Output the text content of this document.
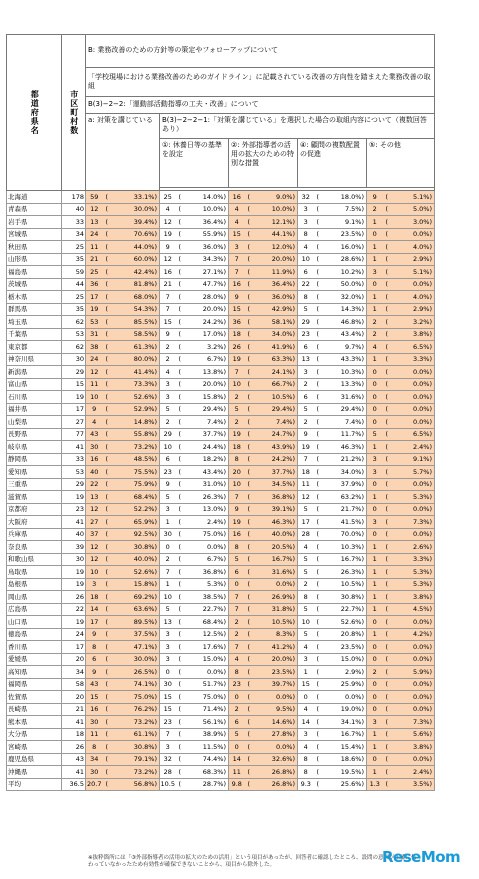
都道府県名	市区町村数	B: 業務改善のための方針等の策定やフォローアップについて									
		「学校現場における業務改善のためのガイドライン」に記載されている改善の方向性を踏まえた業務改善の取組									
		B(3)−2−2:「運動部活動指導の工夫・改善」について									
		a: 対策を講じている		B(3)−2−2−1:「対策を講じている」を選択した場合の取組内容について（複数回答あり）							
				①: 休養日等の基準を設定		②: 外部指導者の活用の拡大のための特別な措置		④: 顧問の複数配置の促進		⑤: その他	

北海道	178	59	( 33.1% )	25	( 14.0% )	16	( 9.0% )	32	( 18.0% )	9	( 5.1% )
青森県	40	12	( 30.0% )	4	( 10.0% )	4	( 10.0% )	3	( 7.5% )	2	( 5.0% )
岩手県	33	13	( 39.4% )	12	( 36.4% )	4	( 12.1% )	3	( 9.1% )	1	( 3.0% )
宮城県	34	24	( 70.6% )	19	( 55.9% )	15	( 44.1% )	8	( 23.5% )	0	( 0.0% )
秋田県	25	11	( 44.0% )	9	( 36.0% )	3	( 12.0% )	4	( 16.0% )	1	( 4.0% )
山形県	35	21	( 60.0% )	12	( 34.3% )	7	( 20.0% )	10	( 28.6% )	1	( 2.9% )
福島県	59	25	( 42.4% )	16	( 27.1% )	7	( 11.9% )	6	( 10.2% )	3	( 5.1% )
茨城県	44	36	( 81.8% )	21	( 47.7% )	16	( 36.4% )	22	( 50.0% )	0	( 0.0% )
栃木県	25	17	( 68.0% )	7	( 28.0% )	9	( 36.0% )	8	( 32.0% )	1	( 4.0% )
群馬県	35	19	( 54.3% )	7	( 20.0% )	15	( 42.9% )	5	( 14.3% )	1	( 2.9% )
埼玉県	62	53	( 85.5% )	15	( 24.2% )	36	( 58.1% )	29	( 46.8% )	2	( 3.2% )
千葉県	53	31	( 58.5% )	9	( 17.0% )	18	( 34.0% )	23	( 43.4% )	2	( 3.8% )
東京都	62	38	( 61.3% )	2	( 3.2% )	26	( 41.9% )	6	( 9.7% )	4	( 6.5% )
神奈川県	30	24	( 80.0% )	2	( 6.7% )	19	( 63.3% )	13	( 43.3% )	1	( 3.3% )
新潟県	29	12	( 41.4% )	4	( 13.8% )	7	( 24.1% )	3	( 10.3% )	0	( 0.0% )
富山県	15	11	( 73.3% )	3	( 20.0% )	10	( 66.7% )	2	( 13.3% )	0	( 0.0% )
石川県	19	10	( 52.6% )	3	( 15.8% )	2	( 10.5% )	6	( 31.6% )	0	( 0.0% )
福井県	17	9	( 52.9% )	5	( 29.4% )	5	( 29.4% )	5	( 29.4% )	0	( 0.0% )
山梨県	27	4	( 14.8% )	2	( 7.4% )	2	( 7.4% )	2	( 7.4% )	0	( 0.0% )
長野県	77	43	( 55.8% )	29	( 37.7% )	19	( 24.7% )	9	( 11.7% )	5	( 6.5% )
岐阜県	41	30	( 73.2% )	10	( 24.4% )	18	( 43.9% )	19	( 46.3% )	1	( 2.4% )
静岡県	33	16	( 48.5% )	6	( 18.2% )	8	( 24.2% )	7	( 21.2% )	3	( 9.1% )
愛知県	53	40	( 75.5% )	23	( 43.4% )	20	( 37.7% )	18	( 34.0% )	3	( 5.7% )
三重県	29	22	( 75.9% )	9	( 31.0% )	10	( 34.5% )	11	( 37.9% )	0	( 0.0% )
滋賀県	19	13	( 68.4% )	5	( 26.3% )	7	( 36.8% )	12	( 63.2% )	1	( 5.3% )
京都府	23	12	( 52.2% )	3	( 13.0% )	9	( 39.1% )	5	( 21.7% )	0	( 0.0% )
大阪府	41	27	( 65.9% )	1	( 2.4% )	19	( 46.3% )	17	( 41.5% )	3	( 7.3% )
兵庫県	40	37	( 92.5% )	30	( 75.0% )	16	( 40.0% )	28	( 70.0% )	0	( 0.0% )
奈良県	39	12	( 30.8% )	0	( 0.0% )	8	( 20.5% )	4	( 10.3% )	1	( 2.6% )
和歌山県	30	12	( 40.0% )	2	( 6.7% )	5	( 16.7% )	5	( 16.7% )	1	( 3.3% )
鳥取県	19	10	( 52.6% )	7	( 36.8% )	6	( 31.6% )	5	( 26.3% )	1	( 5.3% )
島根県	19	3	( 15.8% )	1	( 5.3% )	0	( 0.0% )	2	( 10.5% )	1	( 5.3% )
岡山県	26	18	( 69.2% )	10	( 38.5% )	7	( 26.9% )	8	( 30.8% )	1	( 3.8% )
広島県	22	14	( 63.6% )	5	( 22.7% )	7	( 31.8% )	5	( 22.7% )	1	( 4.5% )
山口県	19	17	( 89.5% )	13	( 68.4% )	2	( 10.5% )	10	( 52.6% )	0	( 0.0% )
徳島県	24	9	( 37.5% )	3	( 12.5% )	2	( 8.3% )	5	( 20.8% )	1	( 4.2% )
香川県	17	8	( 47.1% )	3	( 17.6% )	7	( 41.2% )	4	( 23.5% )	0	( 0.0% )
愛媛県	20	6	( 30.0% )	3	( 15.0% )	4	( 20.0% )	3	( 15.0% )	0	( 0.0% )
高知県	34	9	( 26.5% )	0	( 0.0% )	8	( 23.5% )	1	( 2.9% )	2	( 5.9% )
福岡県	58	43	( 74.1% )	30	( 51.7% )	23	( 39.7% )	15	( 25.9% )	0	( 0.0% )
佐賀県	20	15	( 75.0% )	15	( 75.0% )	0	( 0.0% )	0	( 0.0% )	0	( 0.0% )
長崎県	21	16	( 76.2% )	15	( 71.4% )	2	( 9.5% )	4	( 19.0% )	0	( 0.0% )
熊本県	41	30	( 73.2% )	23	( 56.1% )	6	( 14.6% )	14	( 34.1% )	3	( 7.3% )
大分県	18	11	( 61.1% )	7	( 38.9% )	5	( 27.8% )	3	( 16.7% )	1	( 5.6% )
宮崎県	26	8	( 30.8% )	3	( 11.5% )	0	( 0.0% )	4	( 15.4% )	1	( 3.8% )
鹿児島県	43	34	( 79.1% )	32	( 74.4% )	14	( 32.6% )	8	( 18.6% )	0	( 0.0% )
沖縄県	41	30	( 73.2% )	28	( 68.3% )	11	( 26.8% )	8	( 19.5% )	1	( 2.4% )
平均	36.5	20.7	( 56.8% )	10.5	( 28.7% )	9.8	( 26.8% )	9.3	( 25.6% )	1.3	( 3.5% )
※抜粋箇所には「③外部指導者の活用の拡大のための活用」という項目があったが、回答者に確認したところ、設問の意図が正確に伝わっていなかったため有効性が確保できないことから、項目から除外した。	ReseMom
